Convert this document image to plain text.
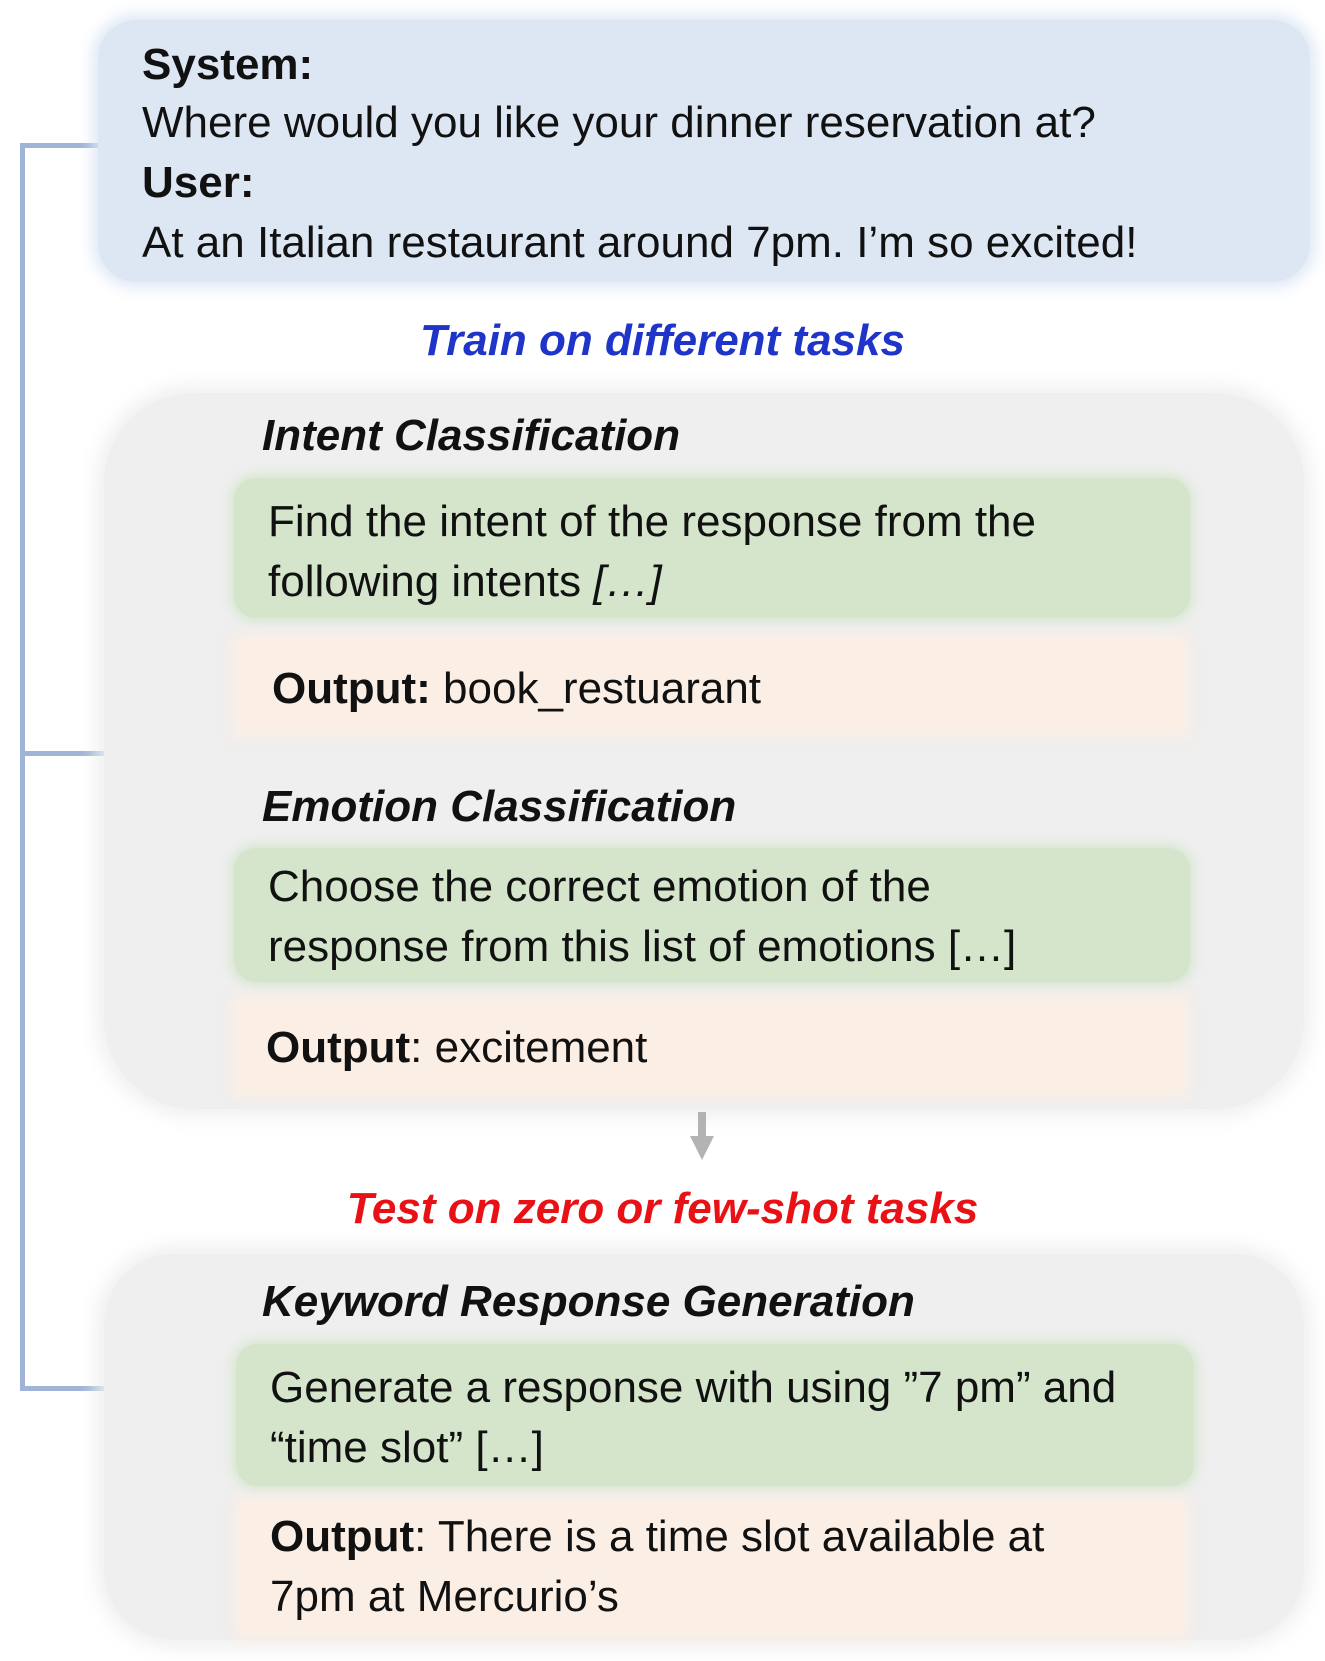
System:
Where would you like your dinner reservation at?
User:
At an Italian restaurant around 7pm. I’m so excited!
Train on different tasks
Intent Classification
Find the intent of the response from the
following intents […]
Output: book_restuarant
Emotion Classification
Choose the correct emotion of the
response from this list of emotions […]
Output: excitement
Test on zero or few-shot tasks
Keyword Response Generation
Generate a response with using ”7 pm” and
“time slot” […]
Output: There is a time slot available at
7pm at Mercurio’s
